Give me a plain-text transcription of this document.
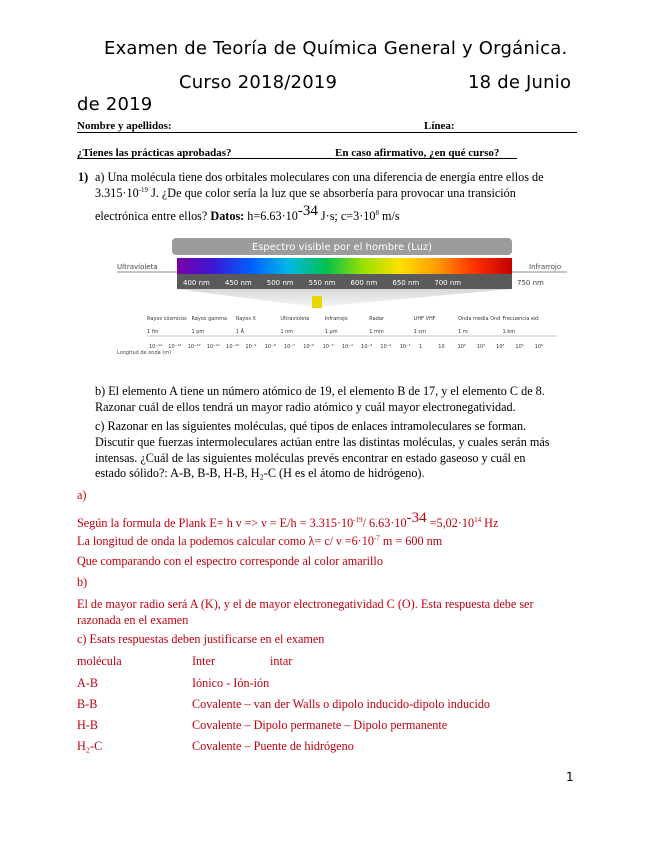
Examen de Teoría de Química General y Orgánica.
Curso 2018/2019	18 de Junio
de 2019
Nombre y apellidos:	Línea:
¿Tienes las prácticas aprobadas?	En caso afirmativo, ¿en qué curso?
1) a) Una molécula tiene dos orbitales moleculares con una diferencia de energía entre ellos de
$3.315\cdot 10^{-19}$ J. ¿De que color sería la luz que se absorbería para provocar una transición
electrónica entre ellos? Datos: $h=6.63\cdot 10^{-34}$ J·s; $c=3\cdot 10^8$ m/s
Espectro visible por el hombre (Luz)
400 nm 450 nm 500 nm 550 nm 600 nm 650 nm 700 nm	750 nm
Ultravioleta	Infrarrojo
Rayos cósmicos Rayos gamma Rayos X	Ultravioleta	Infrarrojo	Radar	UHF VHF	Onda media Ond Frecuencia ext
1 fm	1 pm	1 Å	1 nm	1 µm	1 mm	1 cm	1 m	1 km
10⁻¹⁴ 10⁻¹³ 10⁻¹² 10⁻¹¹ 10⁻¹⁰ 10⁻⁹ 10⁻⁸ 10⁻⁷ 10⁻⁶ 10⁻⁵ 10⁻⁴ 10⁻³ 10⁻² 10⁻¹ 1	10	10² 10³ 10⁴ 10⁵ 10⁶
Longitud de onda (m)
b) El elemento A tiene un número atómico de 19, el elemento B de 17, y el elemento C de 8.
Razonar cuál de ellos tendrá un mayor radio atómico y cuál mayor electronegatividad.
c) Razonar en las siguientes moléculas, qué tipos de enlaces intramoleculares se forman.
Discutir que fuerzas intermoleculares actúan entre las distintas moléculas, y cuales serán más
intensas. ¿Cuál de las siguientes moléculas prevés encontrar en estado gaseoso y cuál en
estado sólido?: A-B, B-B, H-B, H₂-C (H es el átomo de hidrógeno).
a)
Según la formula de Plank E= h $\nu => \nu = E/h = 3.315\cdot 10^{-19}/$ $6.63\cdot 10^{-34} =5,02\cdot 10^{14}$ Hz
La longitud de onda la podemos calcular como λ= c/ $\nu =6\cdot 10^{-7}$ m = 600 nm
Que comparando con el espectro corresponde al color amarillo
b)
El de mayor radio será A (K), y el de mayor electronegatividad C (O). Esta respuesta debe ser
razonada en el examen
c) Esats respuestas deben justificarse en el examen
molécula	Inter	intar
A-B	Iónico - Ión-ión
B-B	Covalente – van der Walls o dipolo inducido-dipolo inducido
H-B	Covalente – Dipolo permanete – Dipolo permanente
H₂-C	Covalente – Puente de hidrógeno
1
